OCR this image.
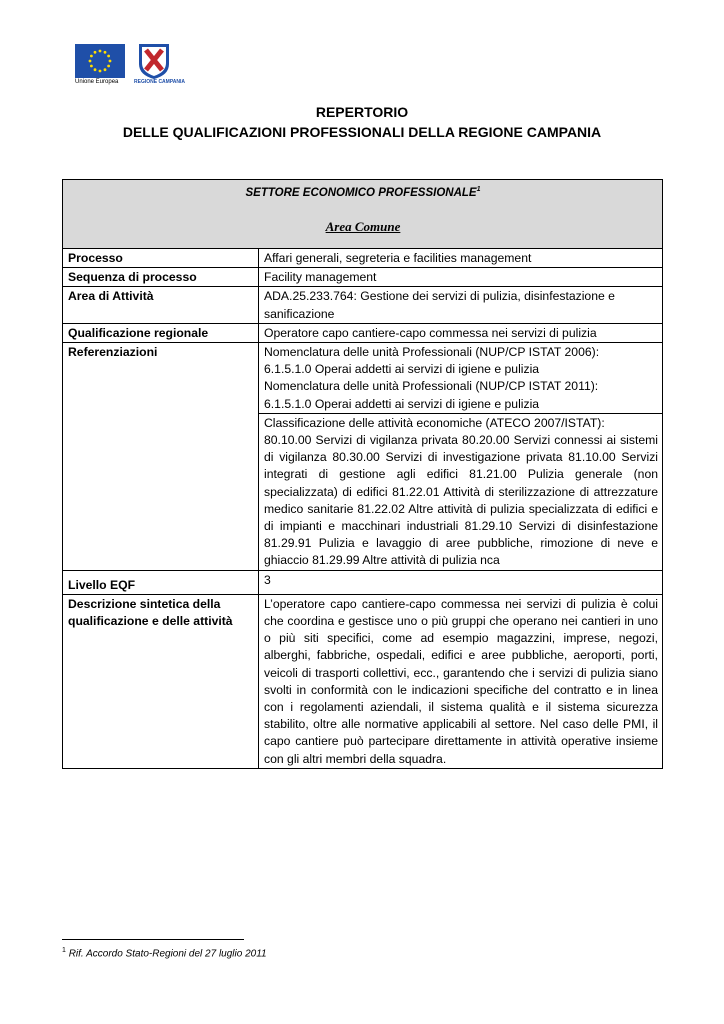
Unione Europea	REGIONE CAMPANIA
REPERTORIO
DELLE QUALIFICAZIONI PROFESSIONALI DELLA REGIONE CAMPANIA
SETTORE ECONOMICO PROFESSIONALE$^1$
Area Comune	

Processo	Affari generali, segreteria e facilities management
Sequenza di processo	Facility management
Area di Attività	ADA.25.233.764: Gestione dei servizi di pulizia, disinfestazione e sanificazione
Qualificazione regionale	Operatore capo cantiere-capo commessa nei servizi di pulizia
Referenziazioni	Nomenclatura delle unità Professionali (NUP/CP ISTAT 2006):
6.1.5.1.0 Operai addetti ai servizi di igiene e pulizia
Nomenclatura delle unità Professionali (NUP/CP ISTAT 2011):
6.1.5.1.0 Operai addetti ai servizi di igiene e pulizia

	Classificazione delle attività economiche (ATECO 2007/ISTAT):
80.10.00 Servizi di vigilanza privata 80.20.00 Servizi connessi ai sistemi di vigilanza 80.30.00 Servizi di investigazione privata 81.10.00 Servizi integrati di gestione agli edifici 81.21.00 Pulizia generale (non specializzata) di edifici 81.22.01 Attività di sterilizzazione di attrezzature medico sanitarie 81.22.02 Altre attività di pulizia specializzata di edifici e di impianti e macchinari industriali 81.29.10 Servizi di disinfestazione 81.29.91 Pulizia e lavaggio di aree pubbliche, rimozione di neve e ghiaccio 81.29.99 Altre attività di pulizia nca

Livello EQF	3
Descrizione sintetica della qualificazione e delle attività	L’operatore capo cantiere-capo commessa nei servizi di pulizia è colui che coordina e gestisce uno o più gruppi che operano nei cantieri in uno o più siti specifici, come ad esempio magazzini, imprese, negozi, alberghi, fabbriche, ospedali, edifici e aree pubbliche, aeroporti, porti, veicoli di trasporti collettivi, ecc., garantendo che i servizi di pulizia siano svolti in conformità con le indicazioni specifiche del contratto e in linea con i regolamenti aziendali, il sistema qualità e il sistema sicurezza stabilito, oltre alle normative applicabili al settore. Nel caso delle PMI, il capo cantiere può partecipare direttamente in attività operative insieme con gli altri membri della squadra.
$^1$ Rif. Accordo Stato-Regioni del 27 luglio 2011
